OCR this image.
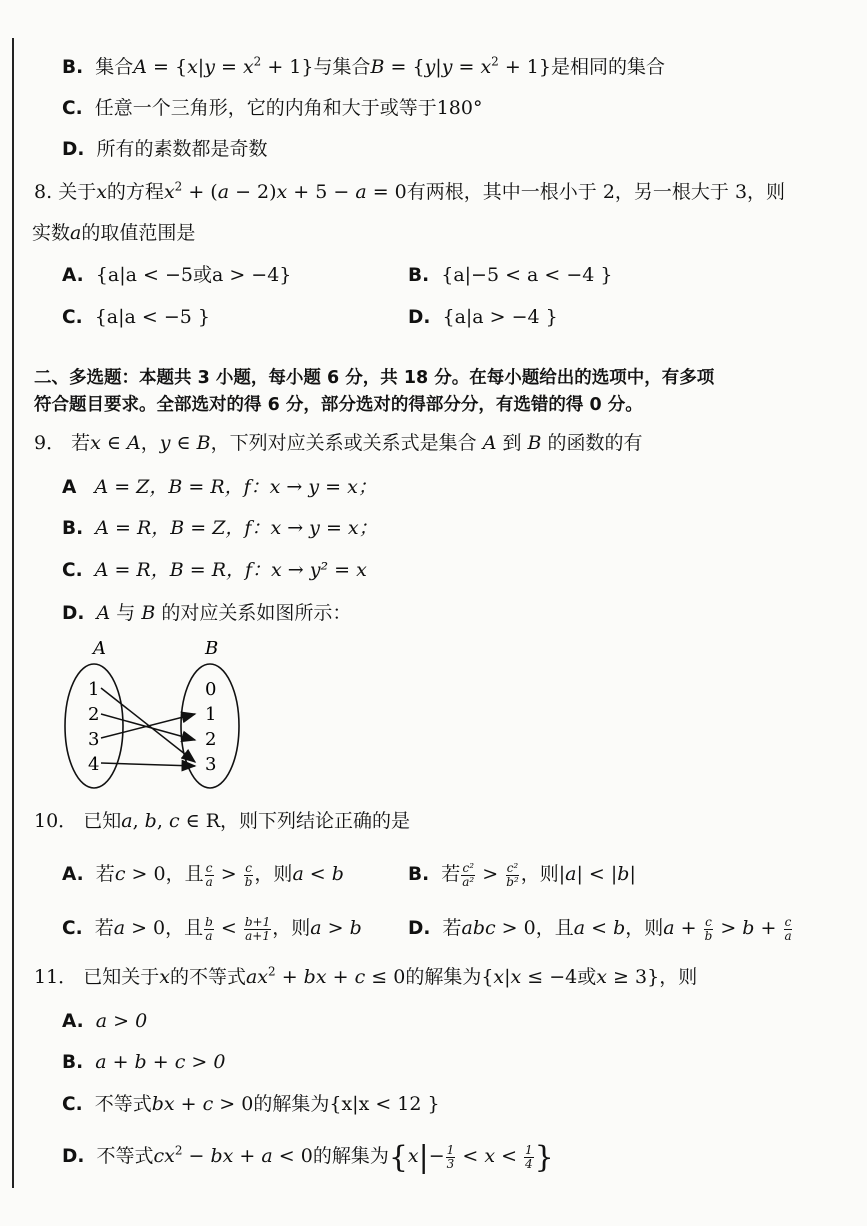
B. 集合$A = \{x|y = x^2 + 1\}$与集合$B = \{y|y = x^2 + 1\}$是相同的集合
C. 任意一个三角形，它的内角和大于或等于180°
D. 所有的素数都是奇数
8. 关于x的方程$x^2 + (a - 2)x + 5 - a = 0$有两根，其中一根小于 2，另一根大于 3，则
实数a的取值范围是
A. {a|a < −5或a > −4}	B. {a|−5 < a < −4 }
C. {a|a < −5 }	D. {a|a > −4 }
二、多选题：本题共 3 小题，每小题 6 分，共 18 分。在每小题给出的选项中，有多项
符合题目要求。全部选对的得 6 分，部分选对的得部分分，有选错的得 0 分。
9． 若x ∈ A，y ∈ B，下列对应关系或关系式是集合 A 到 B 的函数的有
A A = Z，B = R，f：x → y = x；
B. A = R，B = Z，f：x → y = x；
C. A = R，B = R，f：x → y² = x
D. A 与 B 的对应关系如图所示：
A	B
1
2
3
4
0
1
2
3
10． 已知a, b, c ∈ R，则下列结论正确的是
A. 若c > 0，且 $\frac{c}{a} > \frac{c}{b}$ ，则a < b	B. 若 $\frac{\text{c²}}{\text{a²}} > \frac{\text{c²}}{\text{b²}}$ ，则|a| < |b|
C. 若a > 0，且 $\frac{b}{a} < \frac{b+1}{a+1}$ ，则a > b	D. 若abc > 0，且a < b，则$a + \frac{c}{b} > b + \frac{c}{a}$
11． 已知关于x的不等式$ax^2$ + bx + c ≤ 0的解集为{x|x ≤ −4或x ≥ 3}，则
A. a > 0
B. a + b + c > 0
C. 不等式bx + c > 0的解集为{x|x < 12 }
D. 不等式$cx^2$ − bx + a < 0的解集为{$x|- \frac{1}{3} < x < \frac{1}{4}$ }
